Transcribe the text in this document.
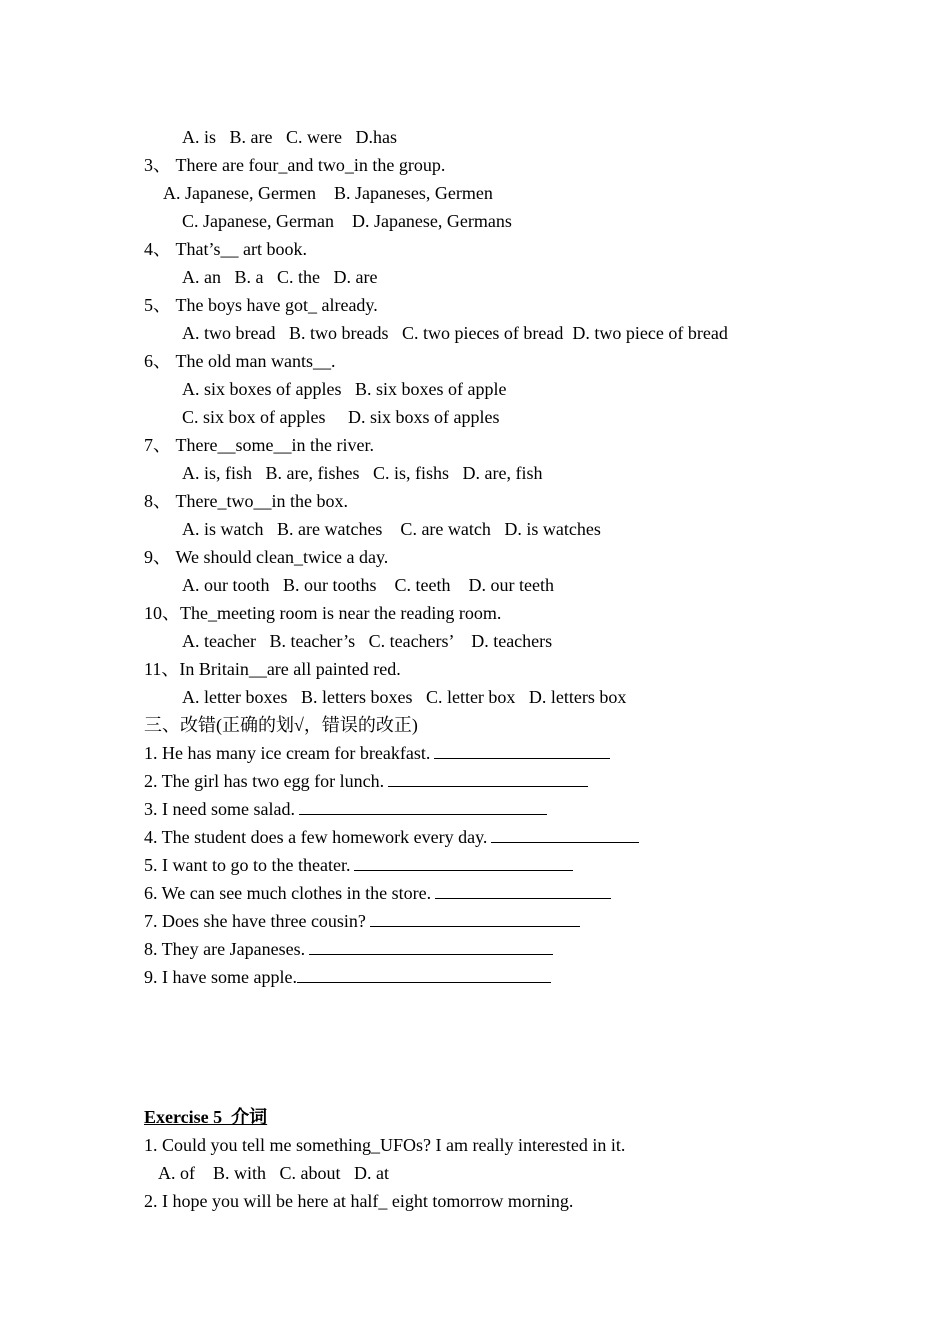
A. is   B. are   C. were   D.has
3、 There are four_and two_in the group.
A. Japanese, Germen    B. Japaneses, Germen
C. Japanese, German    D. Japanese, Germans
4、 That’s__ art book.
A. an   B. a   C. the   D. are
5、 The boys have got_ already.
A. two bread   B. two breads   C. two pieces of bread  D. two piece of bread
6、 The old man wants__.
A. six boxes of apples   B. six boxes of apple
C. six box of apples     D. six boxs of apples
7、 There__some__in the river.
A. is, fish   B. are, fishes   C. is, fishs   D. are, fish
8、 There_two__in the box.
A. is watch   B. are watches    C. are watch   D. is watches
9、 We should clean_twice a day.
A. our tooth   B. our tooths    C. teeth    D. our teeth
10、The_meeting room is near the reading room.
A. teacher   B. teacher’s   C. teachers’    D. teachers
11、In Britain__are all painted red.
A. letter boxes   B. letters boxes   C. letter box   D. letters box
三、改错(正确的划√，错误的改正)
1. He has many ice cream for breakfast.
2. The girl has two egg for lunch.
3. I need some salad.
4. The student does a few homework every day.
5. I want to go to the theater.
6. We can see much clothes in the store.
7. Does she have three cousin?
8. They are Japaneses.
9. I have some apple.
Exercise 5  介词
1. Could you tell me something_UFOs? I am really interested in it.
A. of    B. with   C. about   D. at
2. I hope you will be here at half_ eight tomorrow morning.
